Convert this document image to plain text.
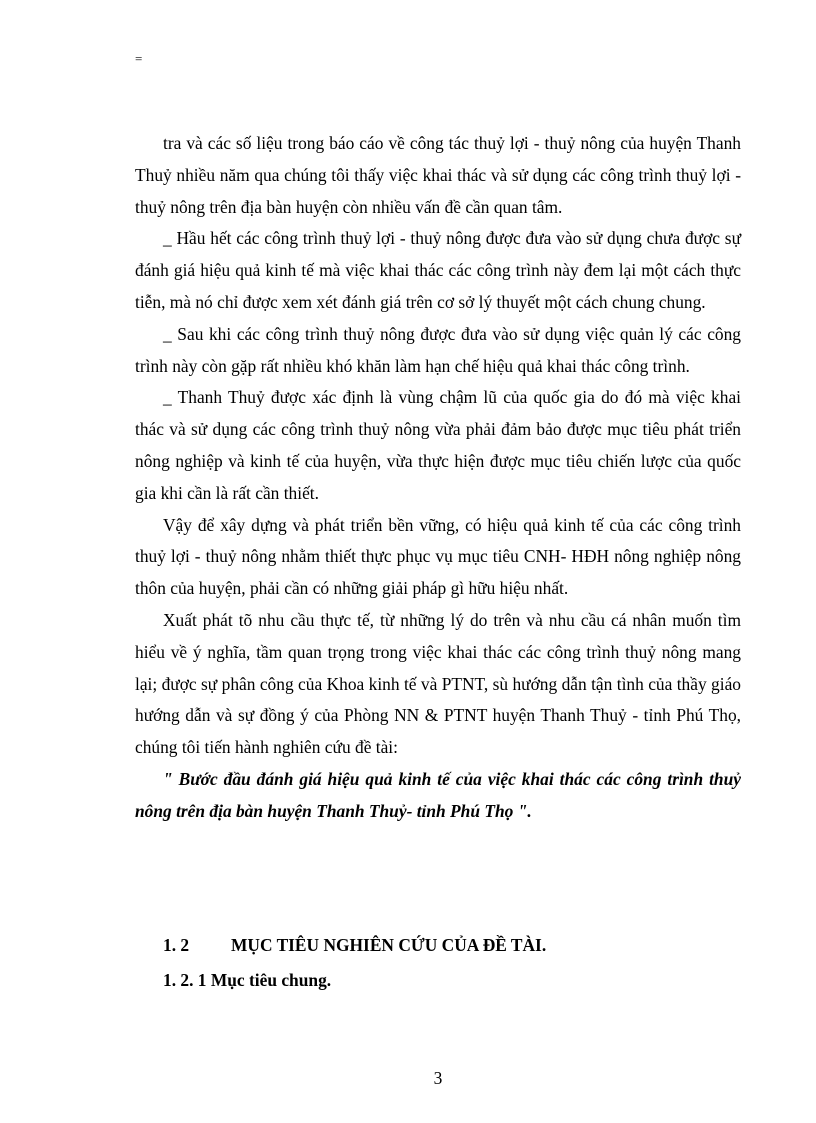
=

tra và các số liệu trong báo cáo về công tác thuỷ lợi - thuỷ nông của huyện Thanh Thuỷ nhiều năm qua chúng tôi thấy việc khai thác và sử dụng các công trình thuỷ lợi - thuỷ nông trên địa bàn huyện còn nhiều vấn đề cần quan tâm.

_ Hầu hết các công trình thuỷ lợi - thuỷ nông được đưa vào sử dụng chưa được sự đánh giá hiệu quả kinh tế mà việc khai thác các công trình này đem lại một cách thực tiễn, mà nó chỉ được xem xét đánh giá trên cơ sở lý thuyết một cách chung chung.

_ Sau khi các công trình thuỷ nông được đưa vào sử dụng việc quản lý các công trình này còn gặp rất nhiều khó khăn làm hạn chế hiệu quả khai thác công trình.

_ Thanh Thuỷ được xác định là vùng chậm lũ của quốc gia do đó mà việc khai thác và sử dụng các công trình thuỷ nông vừa phải đảm bảo được mục tiêu phát triển nông nghiệp và kinh tế của huyện, vừa thực hiện được mục tiêu chiến lược của quốc gia khi cần là rất cần thiết.

Vậy để xây dựng và phát triển bền vững, có hiệu quả kinh tế của các công trình thuỷ lợi - thuỷ nông nhằm thiết thực phục vụ mục tiêu CNH- HĐH nông nghiệp nông thôn của huyện, phải cần có những giải pháp gì hữu hiệu nhất.

Xuất phát tõ nhu cầu thực tế, từ những lý do trên và nhu cầu cá nhân muốn tìm hiểu về ý nghĩa, tầm quan trọng trong việc khai thác các công trình thuỷ nông mang lại; được sự phân công của Khoa kinh tế và PTNT, sù hướng dẫn tận tình của thầy giáo hướng dẫn và sự đồng ý của Phòng NN & PTNT huyện Thanh Thuỷ - tỉnh Phú Thọ, chúng tôi tiến hành nghiên cứu đề tài:

" Bước đầu đánh giá hiệu quả kinh tế của việc khai thác các công trình thuỷ nông trên địa bàn huyện Thanh Thuỷ- tỉnh Phú Thọ ".

1. 2 MỤC TIÊU NGHIÊN CỨU CỦA ĐỀ TÀI.
1. 2. 1 Mục tiêu chung.
3
